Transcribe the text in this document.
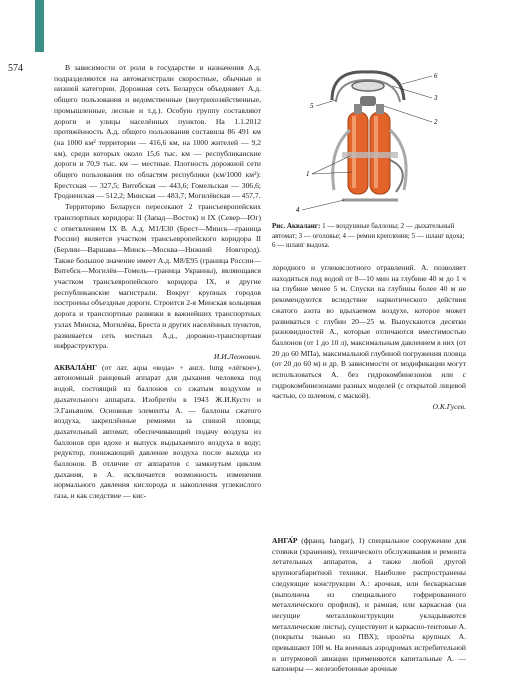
574	В зависимости от роли в государстве и назначения А.д. подразделяются на автомагистрали скоростные, обычные и низшей категории. Дорожная сеть Беларуси объединяет А.д. общего пользования и ведомственные (внутрихозяйственные, промышленные, лесные и т.д.). Особую группу составляют дороги и улицы населённых пунктов. На 1.1.2012 протяжённость А.д. общего пользования составила 86 491 км (на 1000 км² территории — 416,6 км, на 1000 жителей — 9,2 км), среди которых около 15,6 тыс. км — республиканские дороги и 70,9 тыс. км — местные. Плотность дорожной сети общего пользования по областям республики (км/1000 км²): Брестская — 327,5; Витебская — 443,6; Гомельская — 306,6; Гродненская — 512,2; Минская — 483,7; Могилёвская — 457,7.

Территорию Беларуси пересекают 2 трансъевропейских транспортных коридора: II (Запад—Восток) и IX (Север—Юг) с ответвлением IX B. А.д. М1/Е30 (Брест—Минск—граница России) является участком трансъевропейского коридора II (Берлин—Варшава—Минск—Москва—Нижний Новгород). Также большое значение имеет А.д. М8/Е95 (граница России—Витебск—Могилёв—Гомель—граница Украины), являющаяся участком трансъевропейского коридора IX, и другие республиканские магистрали. Вокруг крупных городов построены объездные дороги. Строится 2-я Минская кольцевая дорога и транспортные развязки в важнейших транспортных узлах Минска, Могилёва, Бреста и других населённых пунктов, развивается сеть местных А.д., дорожно-транспортная инфраструктура.

И.И.Леонович.

АКВАЛА́НГ (от лат. aqua «вода» + англ. lung «лёгкое»), автономный ранцевый аппарат для дыхания человека под водой, состоящий из баллонов со сжатым воздухом и дыхательного аппарата. Изобретён в 1943 Ж.И.Кусто и Э.Ганьяном. Основные элементы А. — баллоны сжатого воздуха, закреплённые ремнями за спиной пловца; дыхательный автомат, обеспечивающий подачу воздуха из баллонов при вдохе и выпуск выдыхаемого воздуха в воду; редуктор, понижающий давление воздуха после выхода из баллонов. В отличие от аппаратов с замкнутым циклом дыхания, в А. исключается возможность изменения нормального давления кислорода и накопления углекислого газа, и как следствие — кис-

1
2
3
4
5
6
Рис. Акваланг: 1 — воздушные баллоны; 2 — дыхательный автомат; 3 — оголовье; 4 — ремни крепления; 5 — шланг вдоха; 6 — шланг выдоха.

лородного и углекислотного отравлений. А. позволяет находиться под водой от 8—10 мин на глубине 40 м до 1 ч на глубине менее 5 м. Спуски на глубины более 40 м не рекомендуются вследствие наркотического действия сжатого азота во вдыхаемом воздухе, которое может развиваться с глубин 20—25 м. Выпускаются десятки разновидностей А., которые отличаются вместимостью баллонов (от 1 до 10 л), максимальным давлением в них (от 20 до 60 МПа), максимальной глубиной погружения пловца (от 20 до 60 м) и др. В зависимости от модификации могут использоваться А. без гидрокомбинезонов или с гидрокомбинезонами разных моделей (с открытой лицевой частью, со шлемом, с маской).

О.К.Гусев.

АНГА́Р (франц. hangar), 1) специальное сооружение для стоянки (хранения), технического обслуживания и ремонта летательных аппаратов, а также любой другой крупногабаритной техники. Наиболее распространены следующие конструкции А.: арочная, или бескаркасная (выполнена из специального гофрированного металлического профиля), и рамная, или каркасная (на несущие металлоконструкции укладываются металлические листы), существуют и каркасно-тентовые А. (покрыты тканью из ПВХ); пролёты крупных А. превышают 100 м. На военных аэродромах истребительной и штурмовой авиации применяются капитальные А. — капониры — железобетонные арочные
